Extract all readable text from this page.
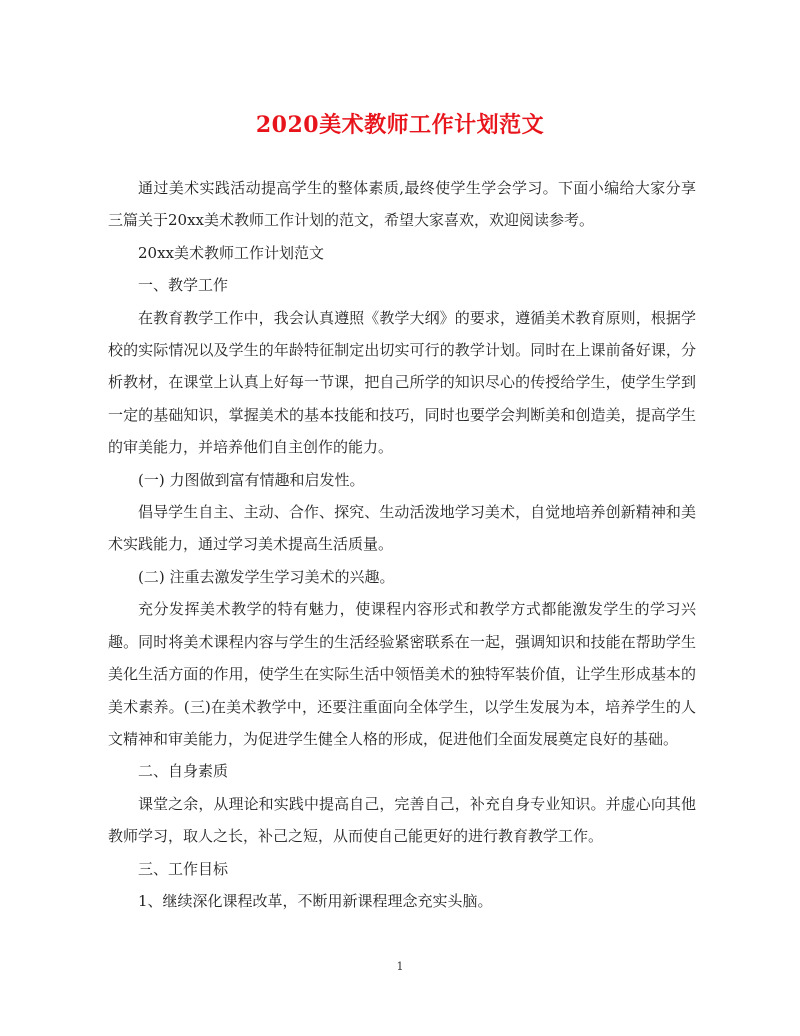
2020美术教师工作计划范文

通过美术实践活动提高学生的整体素质,最终使学生学会学习。下面小编给大家分享三篇关于20xx美术教师工作计划的范文，希望大家喜欢，欢迎阅读参考。

20xx美术教师工作计划范文

一、教学工作

在教育教学工作中，我会认真遵照《教学大纲》的要求，遵循美术教育原则，根据学校的实际情况以及学生的年龄特征制定出切实可行的教学计划。同时在上课前备好课，分析教材，在课堂上认真上好每一节课，把自己所学的知识尽心的传授给学生，使学生学到一定的基础知识，掌握美术的基本技能和技巧，同时也要学会判断美和创造美，提高学生的审美能力，并培养他们自主创作的能力。

(一) 力图做到富有情趣和启发性。

倡导学生自主、主动、合作、探究、生动活泼地学习美术，自觉地培养创新精神和美术实践能力，通过学习美术提高生活质量。

(二) 注重去激发学生学习美术的兴趣。

充分发挥美术教学的特有魅力，使课程内容形式和教学方式都能激发学生的学习兴趣。同时将美术课程内容与学生的生活经验紧密联系在一起，强调知识和技能在帮助学生美化生活方面的作用，使学生在实际生活中领悟美术的独特军装价值，让学生形成基本的美术素养。(三)在美术教学中，还要注重面向全体学生，以学生发展为本，培养学生的人文精神和审美能力，为促进学生健全人格的形成，促进他们全面发展奠定良好的基础。

二、自身素质

课堂之余，从理论和实践中提高自己，完善自己，补充自身专业知识。并虚心向其他教师学习，取人之长，补己之短，从而使自己能更好的进行教育教学工作。

三、工作目标

1、继续深化课程改革，不断用新课程理念充实头脑。

1
